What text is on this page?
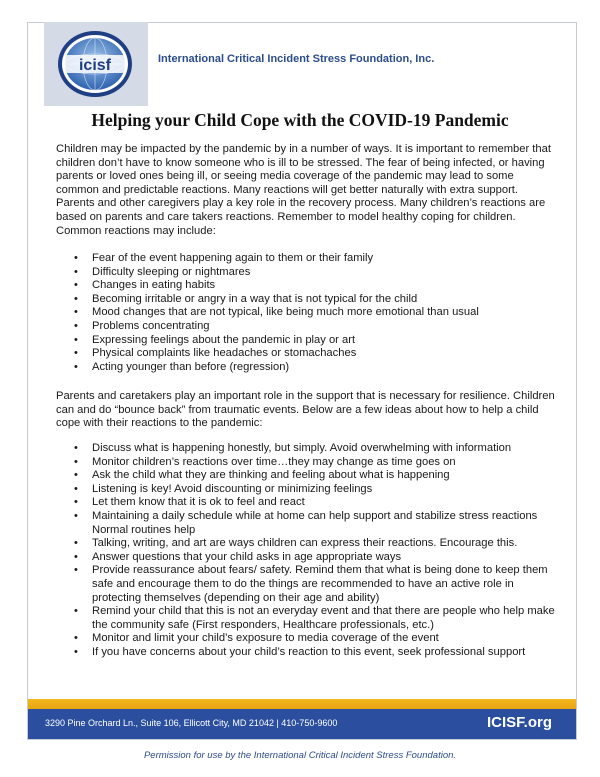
icisf	International Critical Incident Stress Foundation, Inc.
Helping your Child Cope with the COVID-19 Pandemic

Children may be impacted by the pandemic by in a number of ways. It is important to remember that children don’t have to know someone who is ill to be stressed. The fear of being infected, or having parents or loved ones being ill, or seeing media coverage of the pandemic may lead to some common and predictable reactions. Many reactions will get better naturally with extra support. Parents and other caregivers play a key role in the recovery process. Many children’s reactions are based on parents and care takers reactions. Remember to model healthy coping for children. Common reactions may include:

• Fear of the event happening again to them or their family
• Difficulty sleeping or nightmares
• Changes in eating habits
• Becoming irritable or angry in a way that is not typical for the child
• Mood changes that are not typical, like being much more emotional than usual
• Problems concentrating
• Expressing feelings about the pandemic in play or art
• Physical complaints like headaches or stomachaches
• Acting younger than before (regression)

Parents and caretakers play an important role in the support that is necessary for resilience. Children can and do “bounce back” from traumatic events. Below are a few ideas about how to help a child cope with their reactions to the pandemic:

• Discuss what is happening honestly, but simply. Avoid overwhelming with information
• Monitor children’s reactions over time…they may change as time goes on
• Ask the child what they are thinking and feeling about what is happening
• Listening is key! Avoid discounting or minimizing feelings
• Let them know that it is ok to feel and react
• Maintaining a daily schedule while at home can help support and stabilize stress reactions Normal routines help
• Talking, writing, and art are ways children can express their reactions. Encourage this.
• Answer questions that your child asks in age appropriate ways
• Provide reassurance about fears/ safety. Remind them that what is being done to keep them safe and encourage them to do the things are recommended to have an active role in protecting themselves (depending on their age and ability)
• Remind your child that this is not an everyday event and that there are people who help make the community safe (First responders, Healthcare professionals, etc.)
• Monitor and limit your child’s exposure to media coverage of the event
• If you have concerns about your child’s reaction to this event, seek professional support
3290 Pine Orchard Ln., Suite 106, Ellicott City, MD 21042 | 410-750-9600	ICISF.org
Permission for use by the International Critical Incident Stress Foundation.
